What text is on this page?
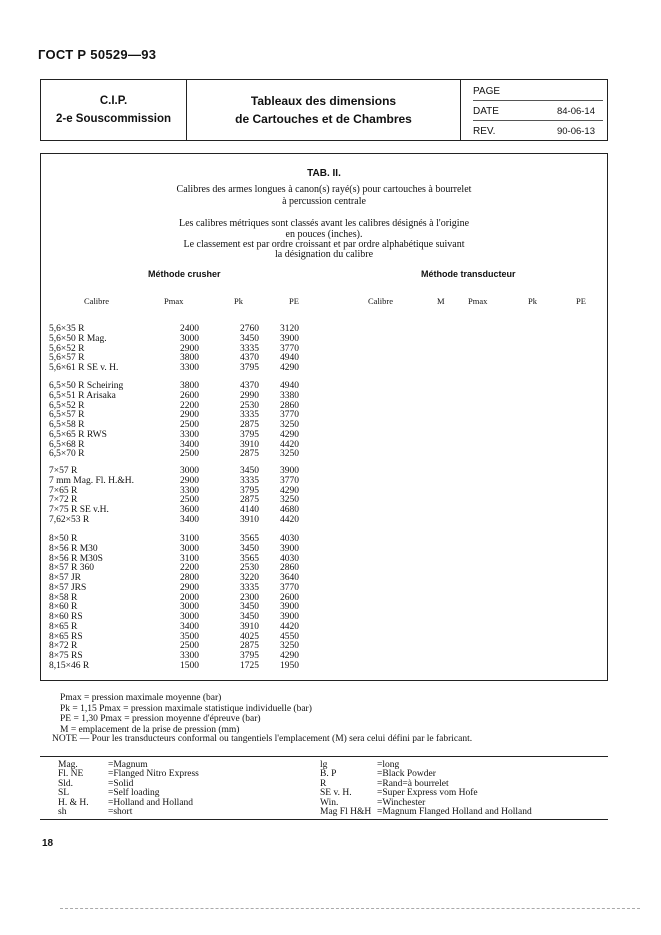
ГОСТ Р 50529—93
C.I.P.
2-e Souscommission
Tableaux des dimensions
de Cartouches et de Chambres
PAGE
DATE	84-06-14
REV.	90-06-13
TAB. II.
Calibres des armes longues à canon(s) rayé(s) pour cartouches à bourrelet
à percussion centrale
Les calibres métriques sont classés avant les calibres désignés à l'origine
en pouces (inches).
Le classement est par ordre croissant et par ordre alphabétique suivant
la désignation du calibre
Méthode crusher	Méthode transducteur
Calibre	Pmax	Pk	PE	Calibre	M	Pmax	Pk	PE
5,6×35 R	2400	2760	3120
5,6×50 R Mag.	3000	3450	3900
5,6×52 R	2900	3335	3770
5,6×57 R	3800	4370	4940
5,6×61 R SE v. H.	3300	3795	4290
6,5×50 R Scheiring	3800	4370	4940
6,5×51 R Arisaka	2600	2990	3380
6,5×52 R	2200	2530	2860
6,5×57 R	2900	3335	3770
6,5×58 R	2500	2875	3250
6,5×65 R RWS	3300	3795	4290
6,5×68 R	3400	3910	4420
6,5×70 R	2500	2875	3250
7×57 R	3000	3450	3900
7 mm Mag. Fl. H.&H.	2900	3335	3770
7×65 R	3300	3795	4290
7×72 R	2500	2875	3250
7×75 R SE v.H.	3600	4140	4680
7,62×53 R	3400	3910	4420
8×50 R	3100	3565	4030
8×56 R M30	3000	3450	3900
8×56 R M30S	3100	3565	4030
8×57 R 360	2200	2530	2860
8×57 JR	2800	3220	3640
8×57 JRS	2900	3335	3770
8×58 R	2000	2300	2600
8×60 R	3000	3450	3900
8×60 RS	3000	3450	3900
8×65 R	3400	3910	4420
8×65 RS	3500	4025	4550
8×72 R	2500	2875	3250
8×75 RS	3300	3795	4290
8,15×46 R	1500	1725	1950
Pmax = pression maximale moyenne (bar)
Pk = 1,15 Pmax = pression maximale statistique individuelle (bar)
PE = 1,30 Pmax = pression moyenne d'épreuve (bar)
M = emplacement de la prise de pression (mm)
NOTE — Pour les transducteurs conformal ou tangentiels l'emplacement (M) sera celui défini par le fabricant.
Mag.	=Magnum
Fl. NE	=Flanged Nitro Express
Sld.	=Solid
SL	=Self loading
H. & H. =Holland and Holland
sh	=short
lg	=long
B. P	=Black Powder
R	=Rand=à bourrelet
SE v. H.	=Super Express vom Hofe
Win.	=Winchester
Mag Fl H&H =Magnum Flanged Holland and Holland
18
